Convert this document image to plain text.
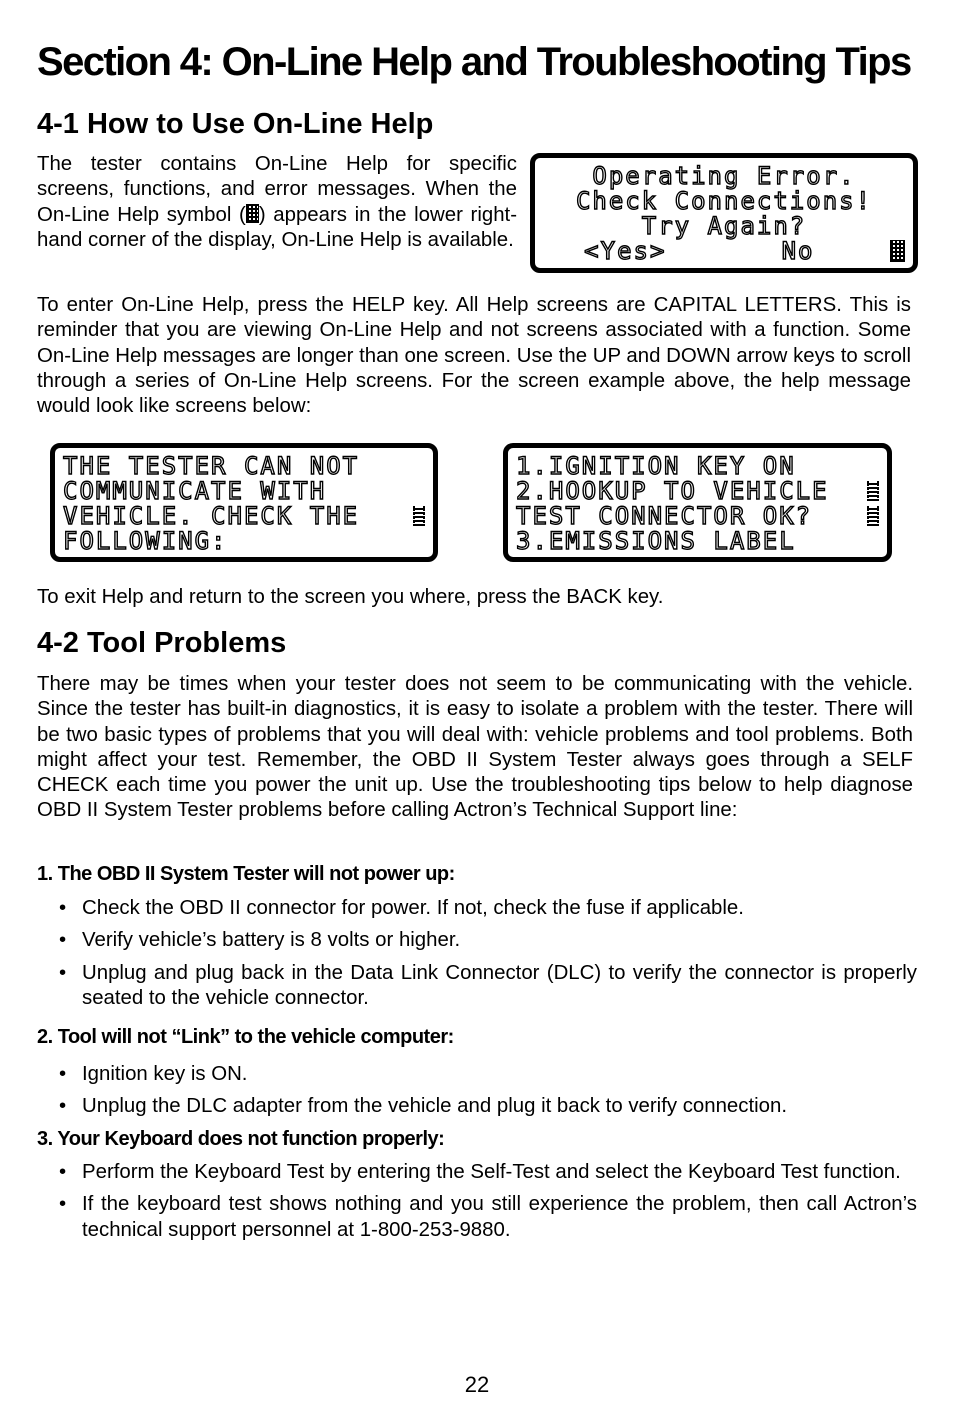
Section 4: On-Line Help and Troubleshooting Tips
4-1 How to Use On-Line Help

The tester contains On-Line Help for specific screens, functions, and error messages. When the On-Line Help symbol ( ) appears in the lower right-hand corner of the display, On-Line Help is available.

Operating Error.
Check Connections!
Try Again?
<Yes>       No

To enter On-Line Help, press the HELP key. All Help screens are CAPITAL LETTERS. This is reminder that you are viewing On-Line Help and not screens associated with a function. Some On-Line Help messages are longer than one screen. Use the UP and DOWN arrow keys to scroll through a series of On-Line Help screens. For the screen example above, the help message would look like screens below:

THE TESTER CAN NOT
COMMUNICATE WITH
VEHICLE. CHECK THE
FOLLOWING:
1.IGNITION KEY ON
2.HOOKUP TO VEHICLE
TEST CONNECTOR OK?
3.EMISSIONS LABEL

To exit Help and return to the screen you where, press the BACK key.

4-2 Tool Problems

There may be times when your tester does not seem to be communicating with the vehicle. Since the tester has built-in diagnostics, it is easy to isolate a problem with the tester. There will be two basic types of problems that you will deal with: vehicle problems and tool problems. Both might affect your test. Remember, the OBD II System Tester always goes through a SELF CHECK each time you power the unit up. Use the troubleshooting tips below to help diagnose OBD II System Tester problems before calling Actron’s Technical Support line:

1. The OBD II System Tester will not power up:
• Check the OBD II connector for power. If not, check the fuse if applicable.
• Verify vehicle’s battery is 8 volts or higher.
• Unplug and plug back in the Data Link Connector (DLC) to verify the connector is properly seated to the vehicle connector.
2. Tool will not “Link” to the vehicle computer:
• Ignition key is ON.
• Unplug the DLC adapter from the vehicle and plug it back to verify connection.
3. Your Keyboard does not function properly:
• Perform the Keyboard Test by entering the Self-Test and select the Keyboard Test function.
• If the keyboard test shows nothing and you still experience the problem, then call Actron’s technical support personnel at 1-800-253-9880.
22
